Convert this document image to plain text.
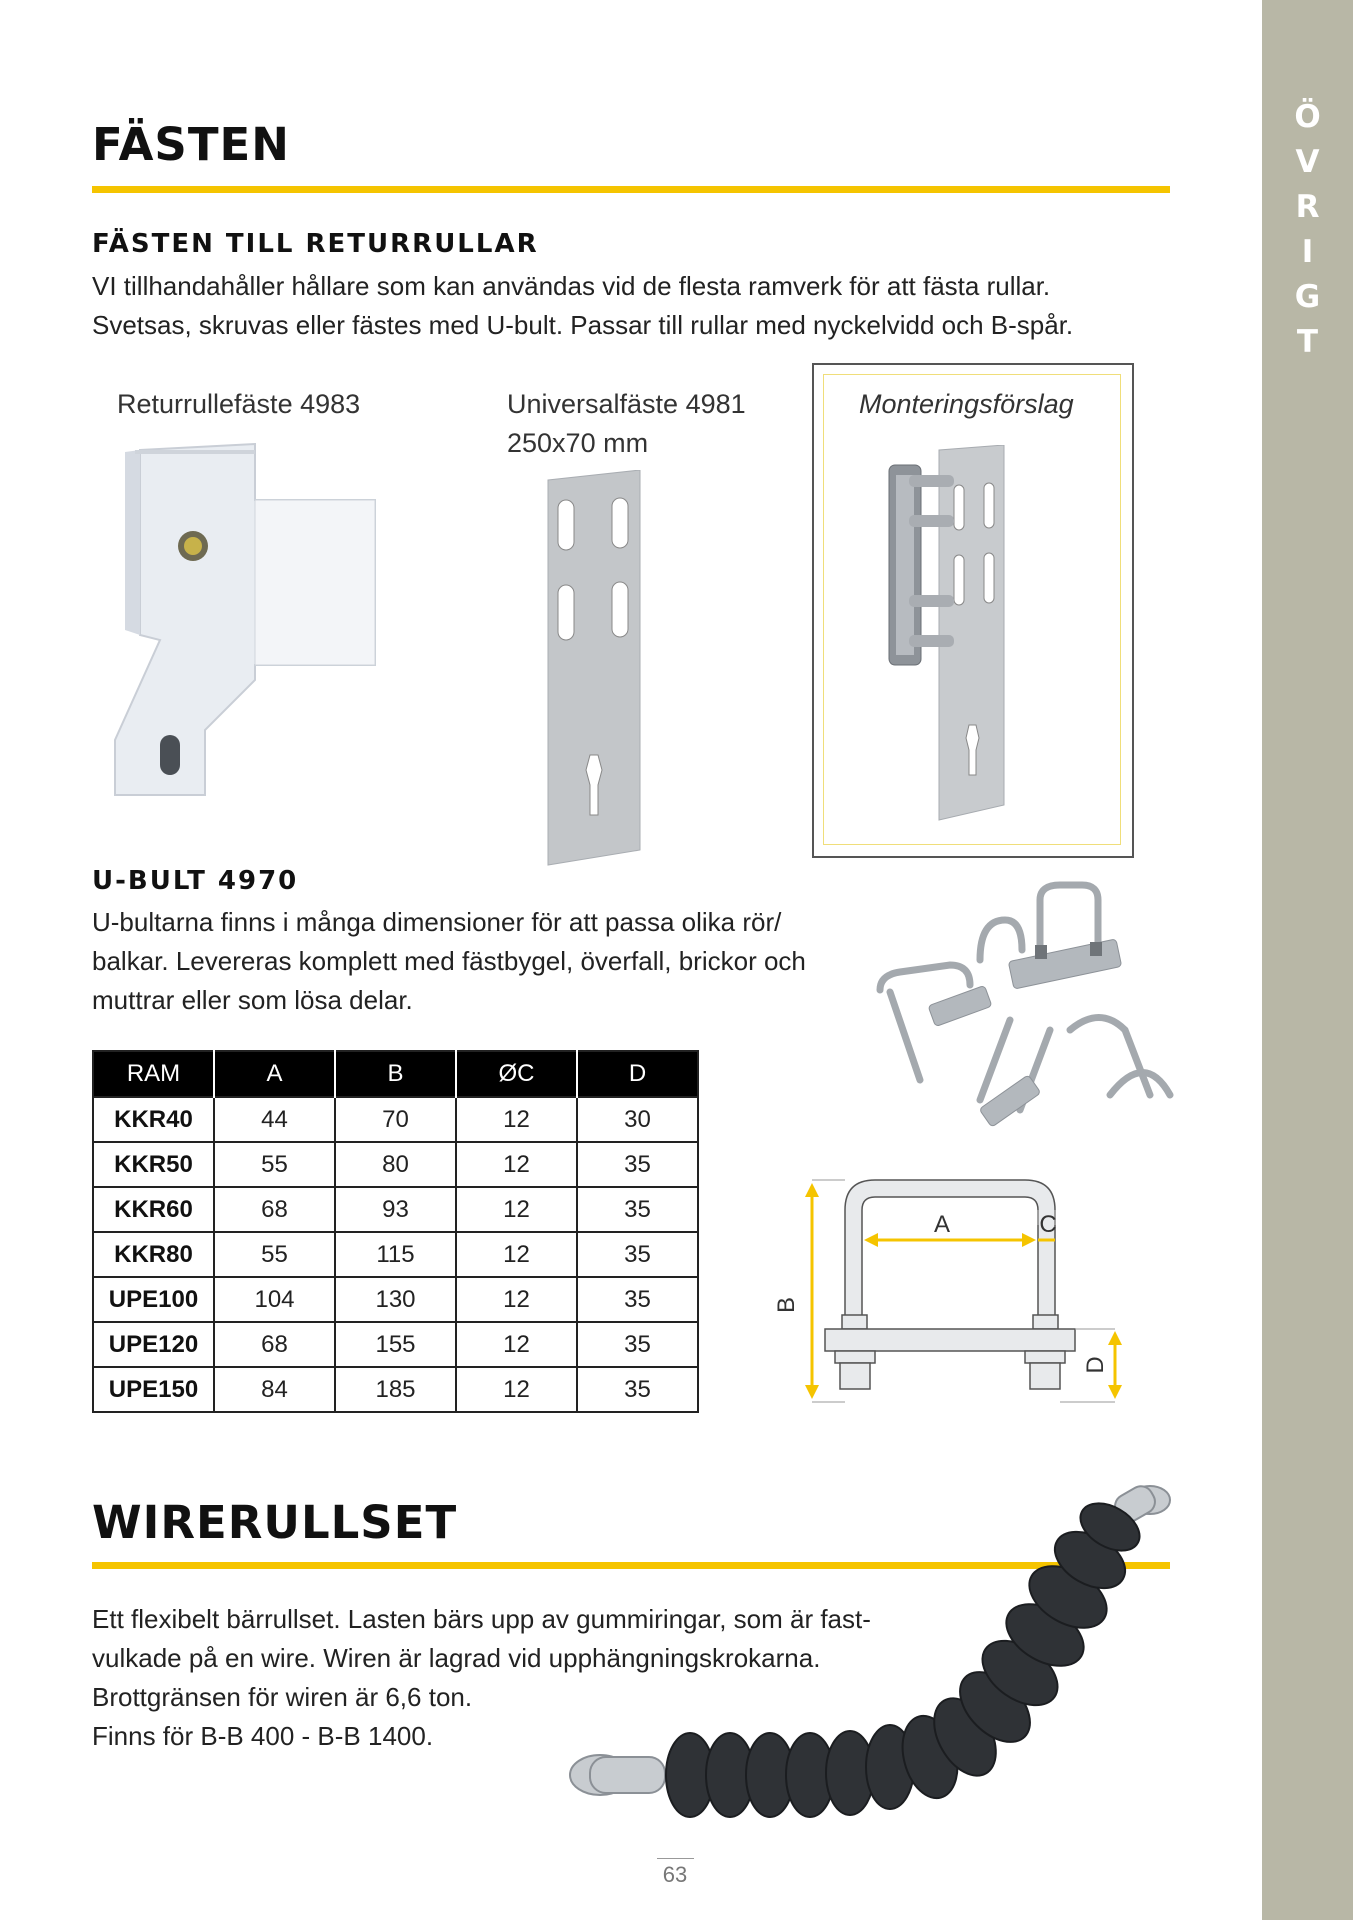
Ö
V
R
I
G
T
FÄSTEN
FÄSTEN TILL RETURRULLAR
VI tillhandahåller hållare som kan användas vid de flesta ramverk för att fästa rullar.
Svetsas, skruvas eller fästes med U-bult. Passar till rullar med nyckelvidd och B-spår.
Returrullefäste 4983	Universalfäste 4981
250x70 mm
Monteringsförslag
U-BULT 4970
U-bultarna finns i många dimensioner för att passa olika rör/
balkar. Levereras komplett med fästbygel, överfall, brickor och
muttrar eller som lösa delar.
RAM	A	B	ØC	D
KKR40	44	70	12	30
KKR50	55	80	12	35
KKR60	68	93	12	35
KKR80	55	115	12	35
UPE100	104	130	12	35
UPE120	68	155	12	35
UPE150	84	185	12	35
A	C
B
D
WIRERULLSET
Ett flexibelt bärrullset. Lasten bärs upp av gummiringar, som är fast-
vulkade på en wire. Wiren är lagrad vid upphängningskrokarna.
Brottgränsen för wiren är 6,6 ton.
Finns för B-B 400 - B-B 1400.
63
